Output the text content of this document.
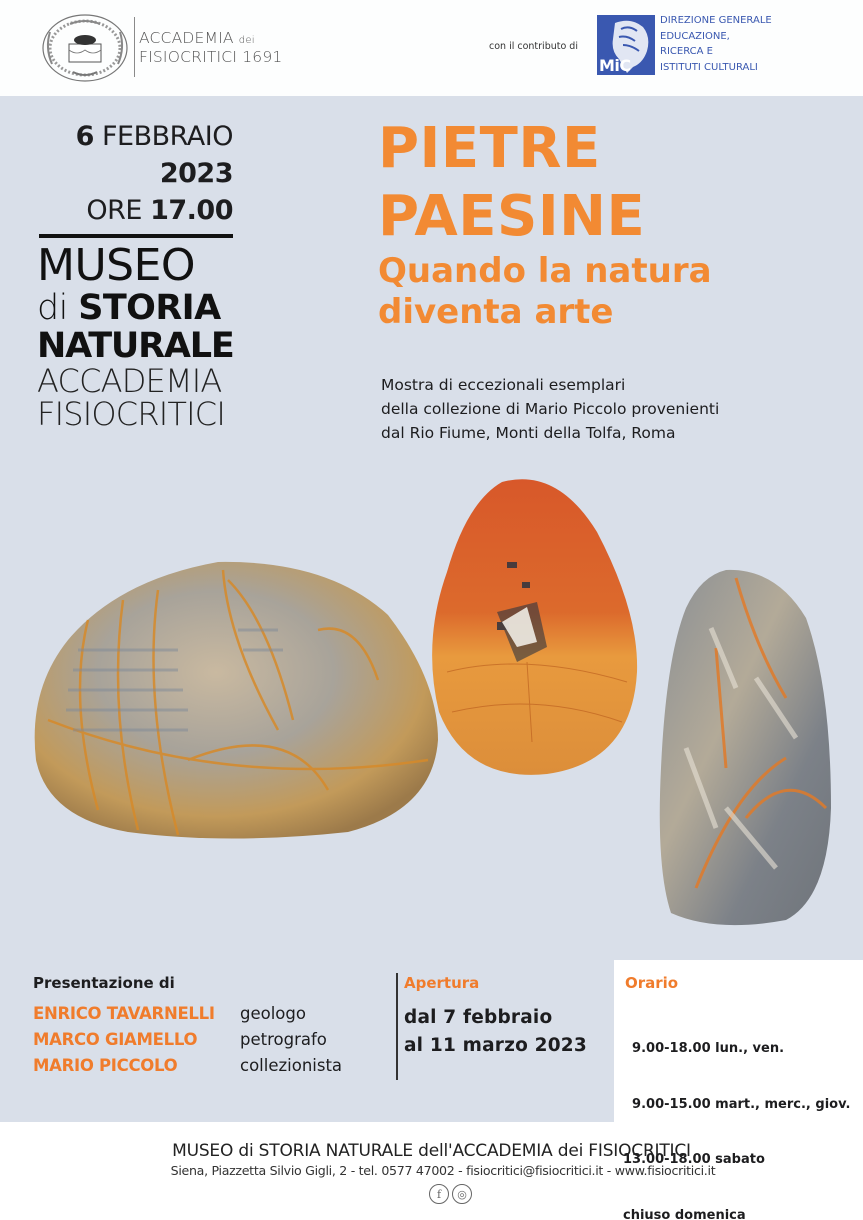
ACCADEMIA dei
FISIOCRITICI 1691
con il contributo di
MiC
DIREZIONE GENERALE
EDUCAZIONE,
RICERCA E
ISTITUTI CULTURALI
6 FEBBRAIO
2023
ORE 17.00
MUSEO
di STORIA
NATURALE
ACCADEMIA
FISIOCRITICI
PIETRE
PAESINE
Quando la natura
diventa arte
Mostra di eccezionali esemplari
della collezione di Mario Piccolo provenienti
dal Rio Fiume, Monti della Tolfa, Roma
Presentazione di
ENRICO TAVARNELLI	geologo
MARCO GIAMELLO	petrografo
MARIO PICCOLO	collezionista
Apertura
dal 7 febbraio
al 11 marzo 2023
Orario

9.00-18.00 lun., ven.

9.00-15.00 mart., merc., giov.

13.00-18.00 sabato

chiuso domenica

MUSEO di STORIA NATURALE dell'ACCADEMIA dei FISIOCRITICI
Siena, Piazzetta Silvio Gigli, 2 - tel. 0577 47002 - fisiocritici@fisiocritici.it - www.fisiocritici.it
f ◎
